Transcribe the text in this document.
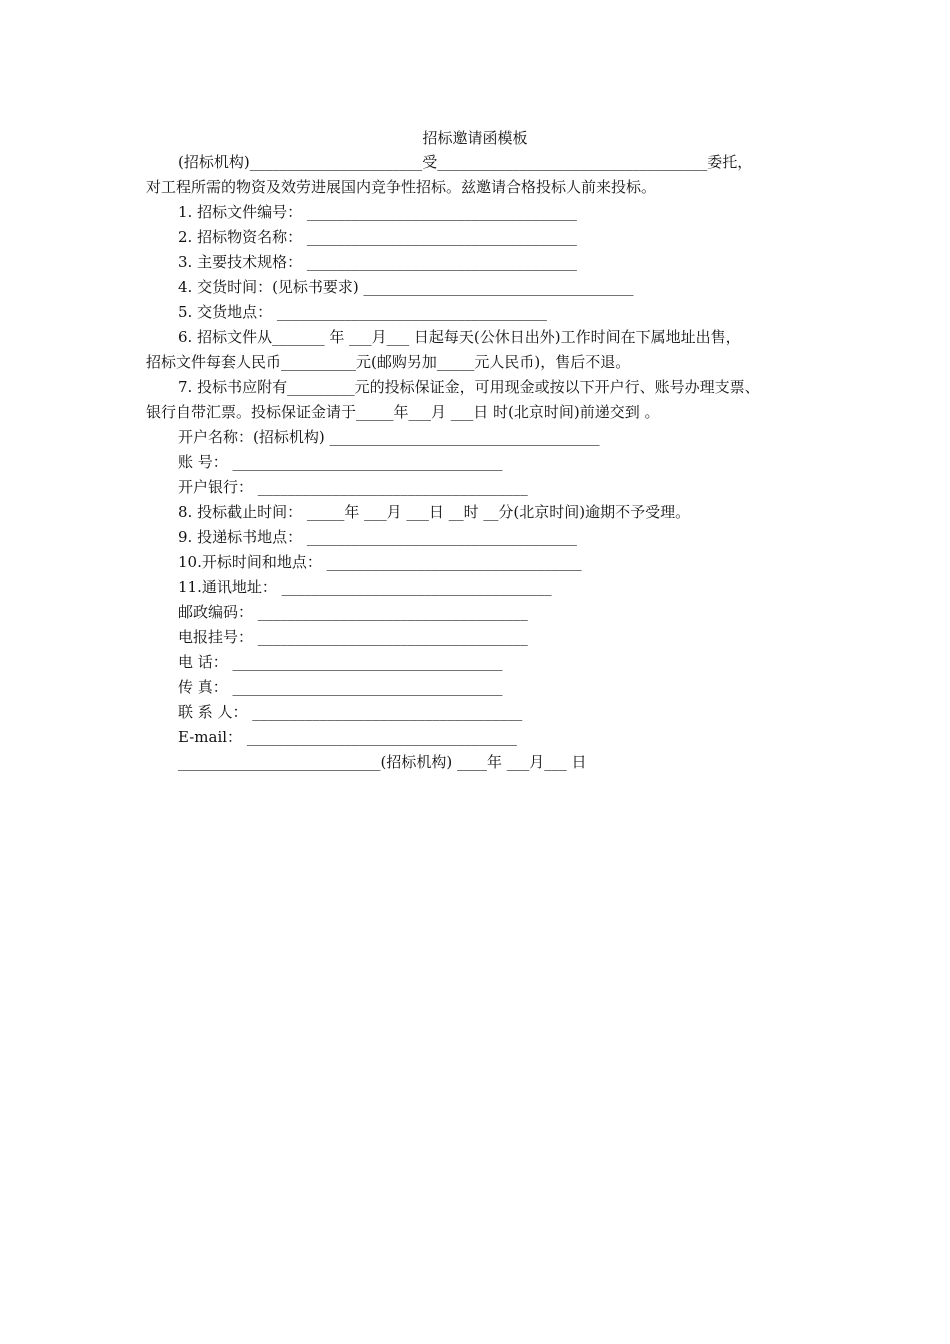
招标邀请函模板
(招标机构)_______________________受____________________________________委托，
对工程所需的物资及效劳进展国内竞争性招标。兹邀请合格投标人前来投标。
1. 招标文件编号： ____________________________________
2. 招标物资名称： ____________________________________
3. 主要技术规格： ____________________________________
4. 交货时间：(见标书要求) ____________________________________
5. 交货地点： ____________________________________
6. 招标文件从_______ 年 ___月___ 日起每天(公休日出外)工作时间在下属地址出售，
招标文件每套人民币__________元(邮购另加_____元人民币)，售后不退。
7. 投标书应附有_________元的投标保证金，可用现金或按以下开户行、账号办理支票、
银行自带汇票。投标保证金请于_____年___月 ___日 时(北京时间)前递交到 。
开户名称：(招标机构) ____________________________________
账 号： ____________________________________
开户银行： ____________________________________
8. 投标截止时间： _____年 ___月 ___日 __时 __分(北京时间)逾期不予受理。
9. 投递标书地点： ____________________________________
10.开标时间和地点： __________________________________
11.通讯地址： ____________________________________
邮政编码： ____________________________________
电报挂号： ____________________________________
电 话： ____________________________________
传 真： ____________________________________
联 系 人： ____________________________________
E-mail： ____________________________________
___________________________(招标机构) ____年 ___月___ 日
